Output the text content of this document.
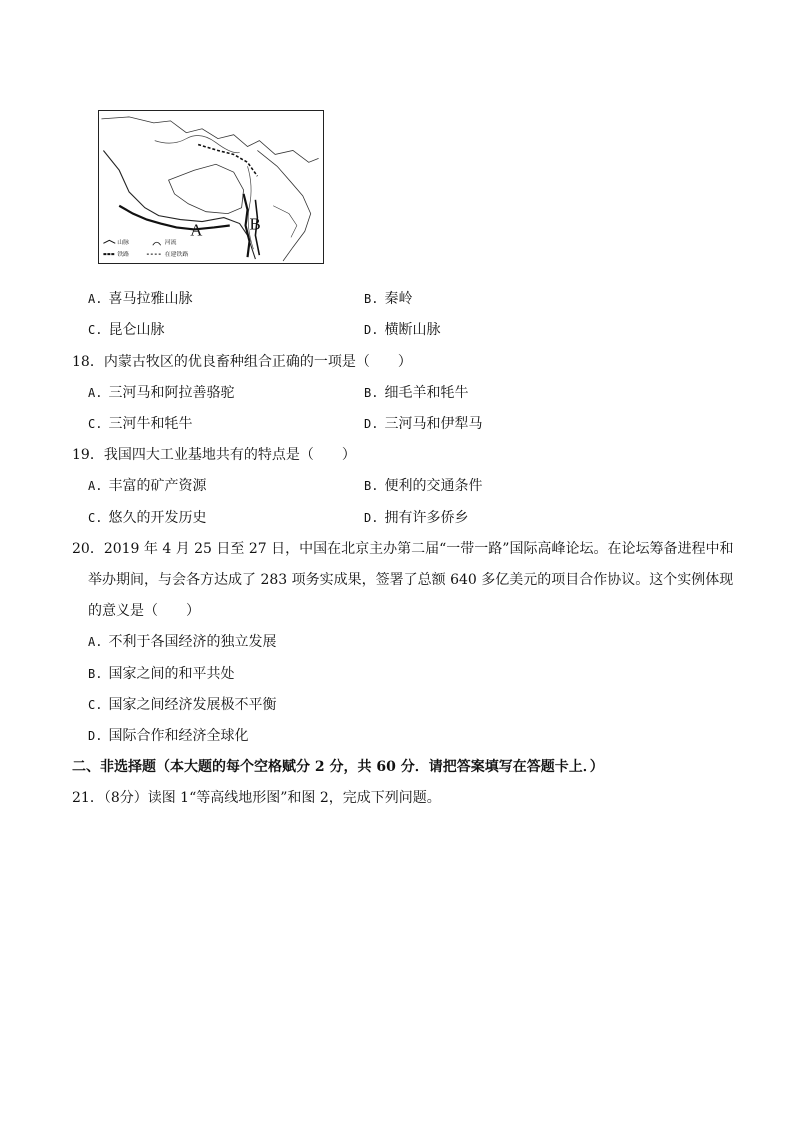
A	B
山脉	河流
铁路	在建铁路
A. 喜马拉雅山脉	B. 秦岭
C. 昆仑山脉	D. 横断山脉
18．内蒙古牧区的优良畜种组合正确的一项是（　　）
A. 三河马和阿拉善骆驼	B. 细毛羊和牦牛
C. 三河牛和牦牛	D. 三河马和伊犁马
19．我国四大工业基地共有的特点是（　　）
A. 丰富的矿产资源	B. 便利的交通条件
C. 悠久的开发历史	D. 拥有许多侨乡
20．2019 年 4 月 25 日至 27 日，中国在北京主办第二届“一带一路”国际高峰论坛。在论坛筹备进程中和
举办期间，与会各方达成了 283 项务实成果，签署了总额 640 多亿美元的项目合作协议。这个实例体现
的意义是（　　）
A. 不利于各国经济的独立发展
B. 国家之间的和平共处
C. 国家之间经济发展极不平衡
D. 国际合作和经济全球化
二、非选择题（本大题的每个空格赋分 2 分，共 60 分．请把答案填写在答题卡上．）
21．（8分）读图 1“等高线地形图”和图 2，完成下列问题。
